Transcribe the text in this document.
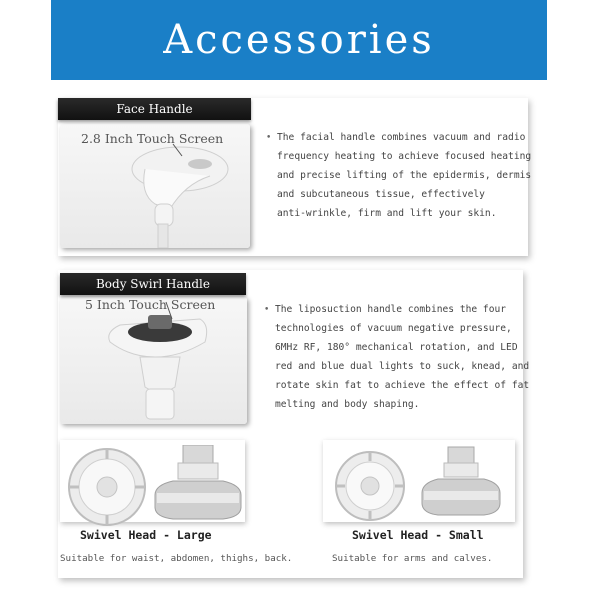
Accessories
Face Handle
2.8 Inch Touch Screen	• The facial handle combines vacuum and radio
frequency heating to achieve focused heating
and precise lifting of the epidermis, dermis
and subcutaneous tissue, effectively
anti-wrinkle, firm and lift your skin.
Body Swirl Handle
5 Inch Touch Screen	• The liposuction handle combines the four
technologies of vacuum negative pressure,
6MHz RF, 180° mechanical rotation, and LED
red and blue dual lights to suck, knead, and
rotate skin fat to achieve the effect of fat
melting and body shaping.
Swivel Head - Large
Suitable for waist, abdomen, thighs, back.
Swivel Head - Small
Suitable for arms and calves.
